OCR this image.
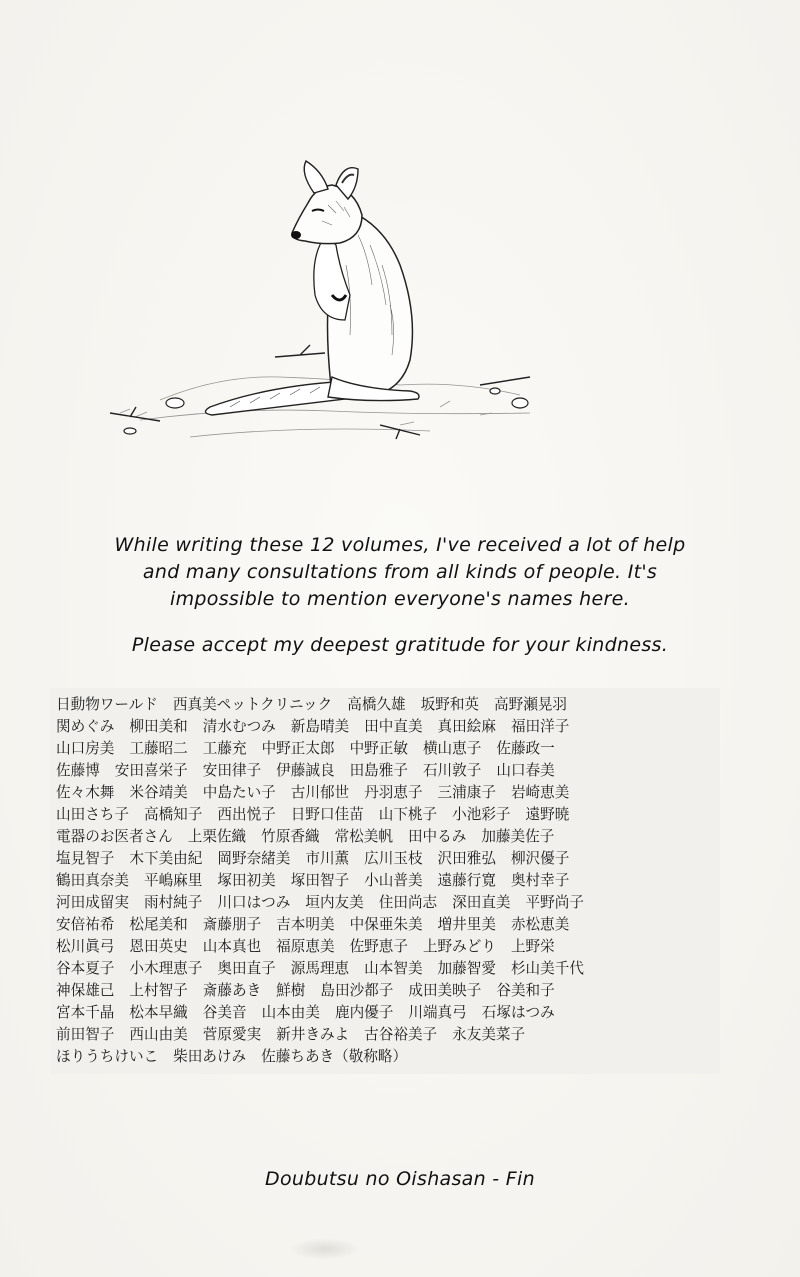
While writing these 12 volumes, I've received a lot of help

and many consultations from all kinds of people. It's

impossible to mention everyone's names here.

Please accept my deepest gratitude for your kindness.

日動物ワールド 西真美ペットクリニック 高橋久雄 坂野和英 高野瀬晃羽
関めぐみ 柳田美和 清水むつみ 新島晴美 田中直美 真田絵麻 福田洋子
山口房美 工藤昭二 工藤充 中野正太郎 中野正敏 横山恵子 佐藤政一
佐藤博 安田喜栄子 安田律子 伊藤誠良 田島雅子 石川敦子 山口春美
佐々木舞 米谷靖美 中島たい子 古川郁世 丹羽恵子 三浦康子 岩崎恵美
山田さち子 高橋知子 西出悦子 日野口佳苗 山下桃子 小池彩子 遠野暁
電器のお医者さん 上栗佐織 竹原香織 常松美帆 田中るみ 加藤美佐子
塩見智子 木下美由紀 岡野奈緒美 市川薫 広川玉枝 沢田雅弘 柳沢優子
鶴田真奈美 平嶋麻里 塚田初美 塚田智子 小山普美 遠藤行寛 奥村幸子
河田成留実 雨村純子 川口はつみ 垣内友美 住田尚志 深田直美 平野尚子
安倍祐希 松尾美和 斎藤朋子 吉本明美 中保亜朱美 増井里美 赤松恵美
松川眞弓 恩田英史 山本真也 福原恵美 佐野恵子 上野みどり 上野栄
谷本夏子 小木理恵子 奥田直子 源馬理恵 山本智美 加藤智愛 杉山美千代
神保雄己 上村智子 斎藤あき 鮮樹 島田沙都子 成田美映子 谷美和子
宮本千晶 松本早織 谷美音 山本由美 鹿内優子 川端真弓 石塚はつみ
前田智子 西山由美 菅原愛実 新井きみよ 古谷裕美子 永友美菜子
ほりうちけいこ 柴田あけみ 佐藤ちあき（敬称略）
Doubutsu no Oishasan - Fin
